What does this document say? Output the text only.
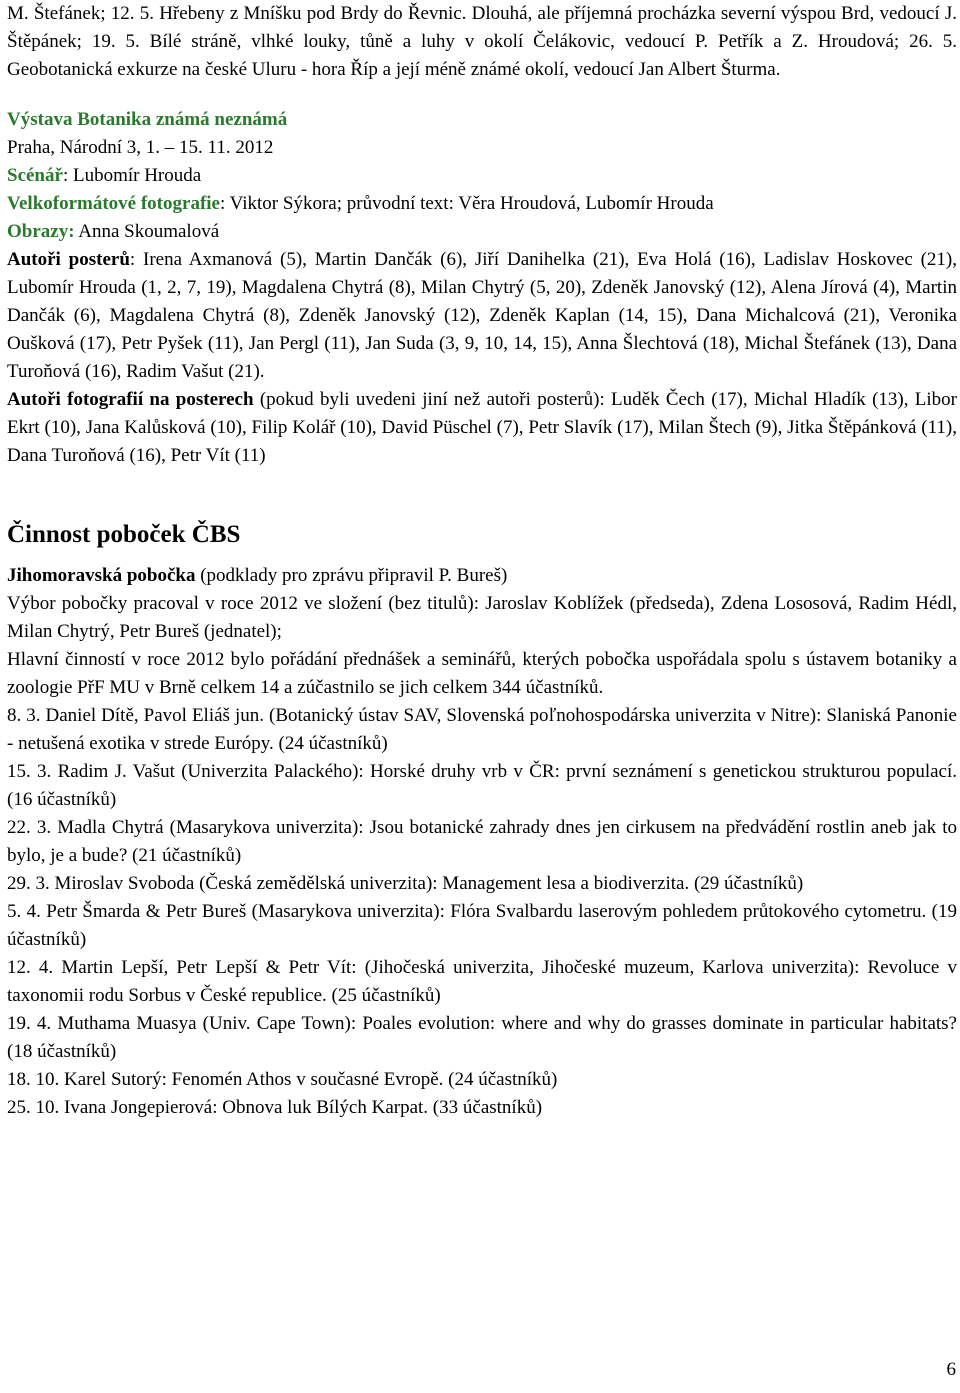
M. Štefánek; 12. 5. Hřebeny z Mníšku pod Brdy do Řevnic. Dlouhá, ale příjemná procházka severní výspou Brd, vedoucí J. Štěpánek; 19. 5. Bílé stráně, vlhké louky, tůně a luhy v okolí Čelákovic, vedoucí P. Petřík a Z. Hroudová; 26. 5. Geobotanická exkurze na české Uluru - hora Říp a její méně známé okolí, vedoucí Jan Albert Šturma.

Výstava Botanika známá neznámá

Praha, Národní 3, 1. – 15. 11. 2012

Scénář: Lubomír Hrouda

Velkoformátové fotografie: Viktor Sýkora; průvodní text: Věra Hroudová, Lubomír Hrouda

Obrazy: Anna Skoumalová

Autoři posterů: Irena Axmanová (5), Martin Dančák (6), Jiří Danihelka (21), Eva Holá (16), Ladislav Hoskovec (21), Lubomír Hrouda (1, 2, 7, 19), Magdalena Chytrá (8), Milan Chytrý (5, 20), Zdeněk Janovský (12), Alena Jírová (4), Martin Dančák (6), Magdalena Chytrá (8), Zdeněk Janovský (12), Zdeněk Kaplan (14, 15), Dana Michalcová (21), Veronika Oušková (17), Petr Pyšek (11), Jan Pergl (11), Jan Suda (3, 9, 10, 14, 15), Anna Šlechtová (18), Michal Štefánek (13), Dana Turoňová (16), Radim Vašut (21).

Autoři fotografií na posterech (pokud byli uvedeni jiní než autoři posterů): Luděk Čech (17), Michal Hladík (13), Libor Ekrt (10), Jana Kalůsková (10), Filip Kolář (10), David Püschel (7), Petr Slavík (17), Milan Štech (9), Jitka Štěpánková (11), Dana Turoňová (16), Petr Vít (11)

Činnost poboček ČBS

Jihomoravská pobočka (podklady pro zprávu připravil P. Bureš)

Výbor pobočky pracoval v roce 2012 ve složení (bez titulů): Jaroslav Koblížek (předseda), Zdena Lososová, Radim Hédl, Milan Chytrý, Petr Bureš (jednatel);

Hlavní činností v roce 2012 bylo pořádání přednášek a seminářů, kterých pobočka uspořádala spolu s ústavem botaniky a zoologie PřF MU v Brně celkem 14 a zúčastnilo se jich celkem 344 účastníků.

8. 3. Daniel Dítě, Pavol Eliáš jun. (Botanický ústav SAV, Slovenská poľnohospodárska univerzita v Nitre): Slaniská Panonie - netušená exotika v strede Európy. (24 účastníků)

15. 3. Radim J. Vašut (Univerzita Palackého): Horské druhy vrb v ČR: první seznámení s genetickou strukturou populací. (16 účastníků)

22. 3. Madla Chytrá (Masarykova univerzita): Jsou botanické zahrady dnes jen cirkusem na předvádění rostlin aneb jak to bylo, je a bude? (21 účastníků)

29. 3. Miroslav Svoboda (Česká zemědělská univerzita): Management lesa a biodiverzita. (29 účastníků)

5. 4. Petr Šmarda & Petr Bureš (Masarykova univerzita): Flóra Svalbardu laserovým pohledem průtokového cytometru. (19 účastníků)

12. 4. Martin Lepší, Petr Lepší & Petr Vít: (Jihočeská univerzita, Jihočeské muzeum, Karlova univerzita): Revoluce v taxonomii rodu Sorbus v České republice. (25 účastníků)

19. 4. Muthama Muasya (Univ. Cape Town): Poales evolution: where and why do grasses dominate in particular habitats? (18 účastníků)

18. 10. Karel Sutorý: Fenomén Athos v současné Evropě. (24 účastníků)

25. 10. Ivana Jongepierová: Obnova luk Bílých Karpat. (33 účastníků)

6
